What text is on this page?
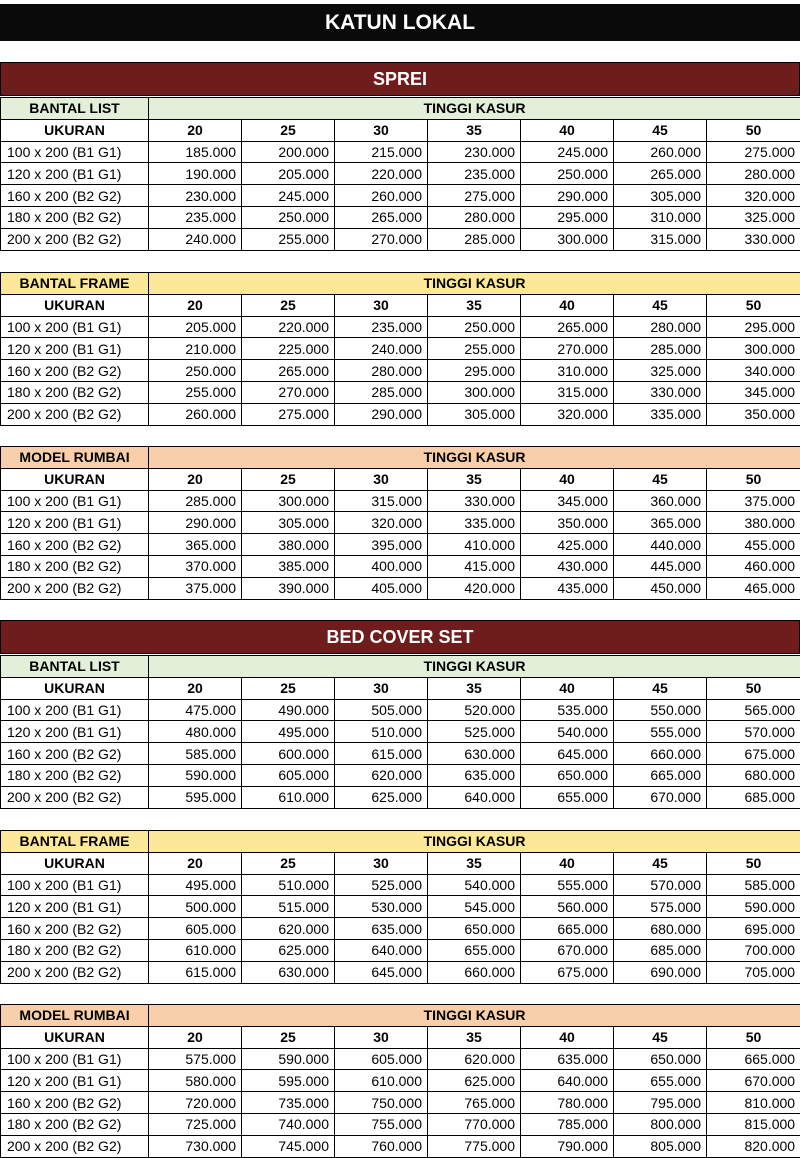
KATUN LOKAL
SPREI
BANTAL LIST	TINGGI KASUR						
UKURAN	20	25	30	35	40	45	50
100 x 200 (B1 G1)	185.000	200.000	215.000	230.000	245.000	260.000	275.000
120 x 200 (B1 G1)	190.000	205.000	220.000	235.000	250.000	265.000	280.000
160 x 200 (B2 G2)	230.000	245.000	260.000	275.000	290.000	305.000	320.000
180 x 200 (B2 G2)	235.000	250.000	265.000	280.000	295.000	310.000	325.000
200 x 200 (B2 G2)	240.000	255.000	270.000	285.000	300.000	315.000	330.000
BANTAL FRAME	TINGGI KASUR						
UKURAN	20	25	30	35	40	45	50
100 x 200 (B1 G1)	205.000	220.000	235.000	250.000	265.000	280.000	295.000
120 x 200 (B1 G1)	210.000	225.000	240.000	255.000	270.000	285.000	300.000
160 x 200 (B2 G2)	250.000	265.000	280.000	295.000	310.000	325.000	340.000
180 x 200 (B2 G2)	255.000	270.000	285.000	300.000	315.000	330.000	345.000
200 x 200 (B2 G2)	260.000	275.000	290.000	305.000	320.000	335.000	350.000
MODEL RUMBAI	TINGGI KASUR						
UKURAN	20	25	30	35	40	45	50
100 x 200 (B1 G1)	285.000	300.000	315.000	330.000	345.000	360.000	375.000
120 x 200 (B1 G1)	290.000	305.000	320.000	335.000	350.000	365.000	380.000
160 x 200 (B2 G2)	365.000	380.000	395.000	410.000	425.000	440.000	455.000
180 x 200 (B2 G2)	370.000	385.000	400.000	415.000	430.000	445.000	460.000
200 x 200 (B2 G2)	375.000	390.000	405.000	420.000	435.000	450.000	465.000
BED COVER SET
BANTAL LIST	TINGGI KASUR						
UKURAN	20	25	30	35	40	45	50
100 x 200 (B1 G1)	475.000	490.000	505.000	520.000	535.000	550.000	565.000
120 x 200 (B1 G1)	480.000	495.000	510.000	525.000	540.000	555.000	570.000
160 x 200 (B2 G2)	585.000	600.000	615.000	630.000	645.000	660.000	675.000
180 x 200 (B2 G2)	590.000	605.000	620.000	635.000	650.000	665.000	680.000
200 x 200 (B2 G2)	595.000	610.000	625.000	640.000	655.000	670.000	685.000
BANTAL FRAME	TINGGI KASUR						
UKURAN	20	25	30	35	40	45	50
100 x 200 (B1 G1)	495.000	510.000	525.000	540.000	555.000	570.000	585.000
120 x 200 (B1 G1)	500.000	515.000	530.000	545.000	560.000	575.000	590.000
160 x 200 (B2 G2)	605.000	620.000	635.000	650.000	665.000	680.000	695.000
180 x 200 (B2 G2)	610.000	625.000	640.000	655.000	670.000	685.000	700.000
200 x 200 (B2 G2)	615.000	630.000	645.000	660.000	675.000	690.000	705.000
MODEL RUMBAI	TINGGI KASUR						
UKURAN	20	25	30	35	40	45	50
100 x 200 (B1 G1)	575.000	590.000	605.000	620.000	635.000	650.000	665.000
120 x 200 (B1 G1)	580.000	595.000	610.000	625.000	640.000	655.000	670.000
160 x 200 (B2 G2)	720.000	735.000	750.000	765.000	780.000	795.000	810.000
180 x 200 (B2 G2)	725.000	740.000	755.000	770.000	785.000	800.000	815.000
200 x 200 (B2 G2)	730.000	745.000	760.000	775.000	790.000	805.000	820.000
